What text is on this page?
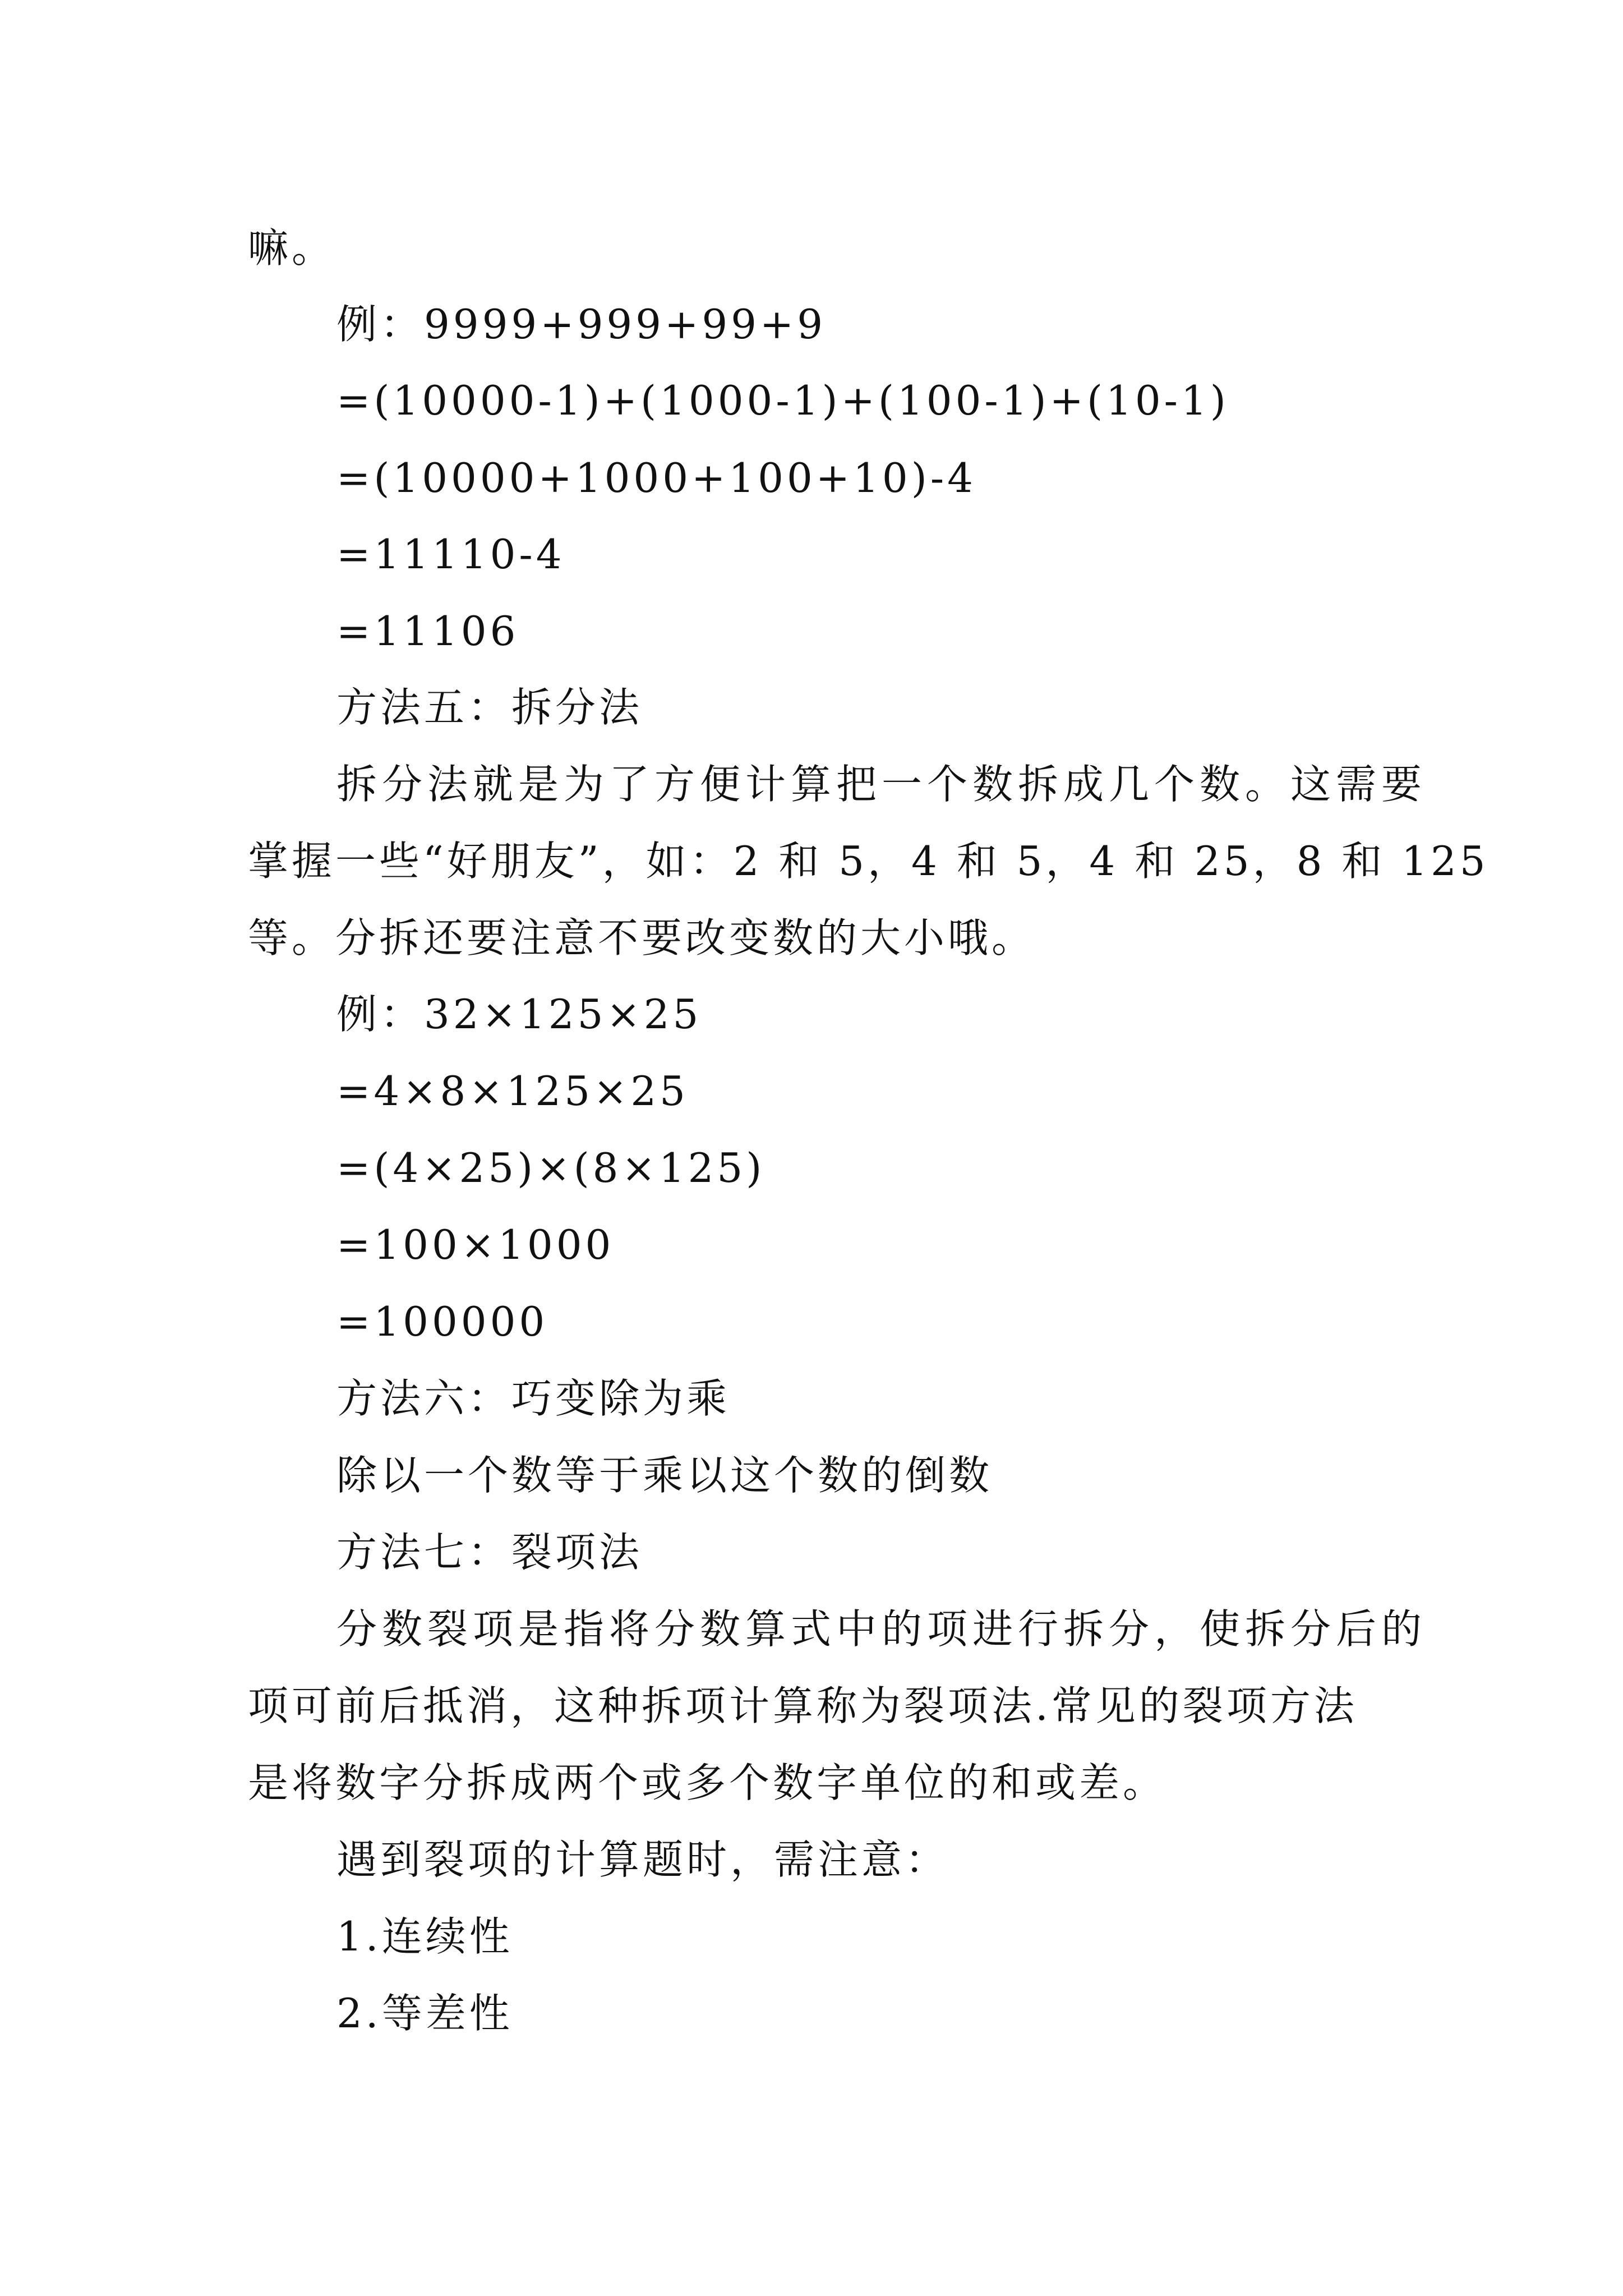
嘛。
例：9999+999+99+9
=(10000-1)+(1000-1)+(100-1)+(10-1)
=(10000+1000+100+10)-4
=11110-4
=11106
方法五：拆分法
拆分法就是为了方便计算把一个数拆成几个数。这需要
掌握一些“好朋友”，如：2 和 5，4 和 5，4 和 25，8 和 125
等。分拆还要注意不要改变数的大小哦。
例：32×125×25
=4×8×125×25
=(4×25)×(8×125)
=100×1000
=100000
方法六：巧变除为乘
除以一个数等于乘以这个数的倒数
方法七：裂项法
分数裂项是指将分数算式中的项进行拆分，使拆分后的
项可前后抵消，这种拆项计算称为裂项法.常见的裂项方法
是将数字分拆成两个或多个数字单位的和或差。
遇到裂项的计算题时，需注意：
1.连续性
2.等差性
